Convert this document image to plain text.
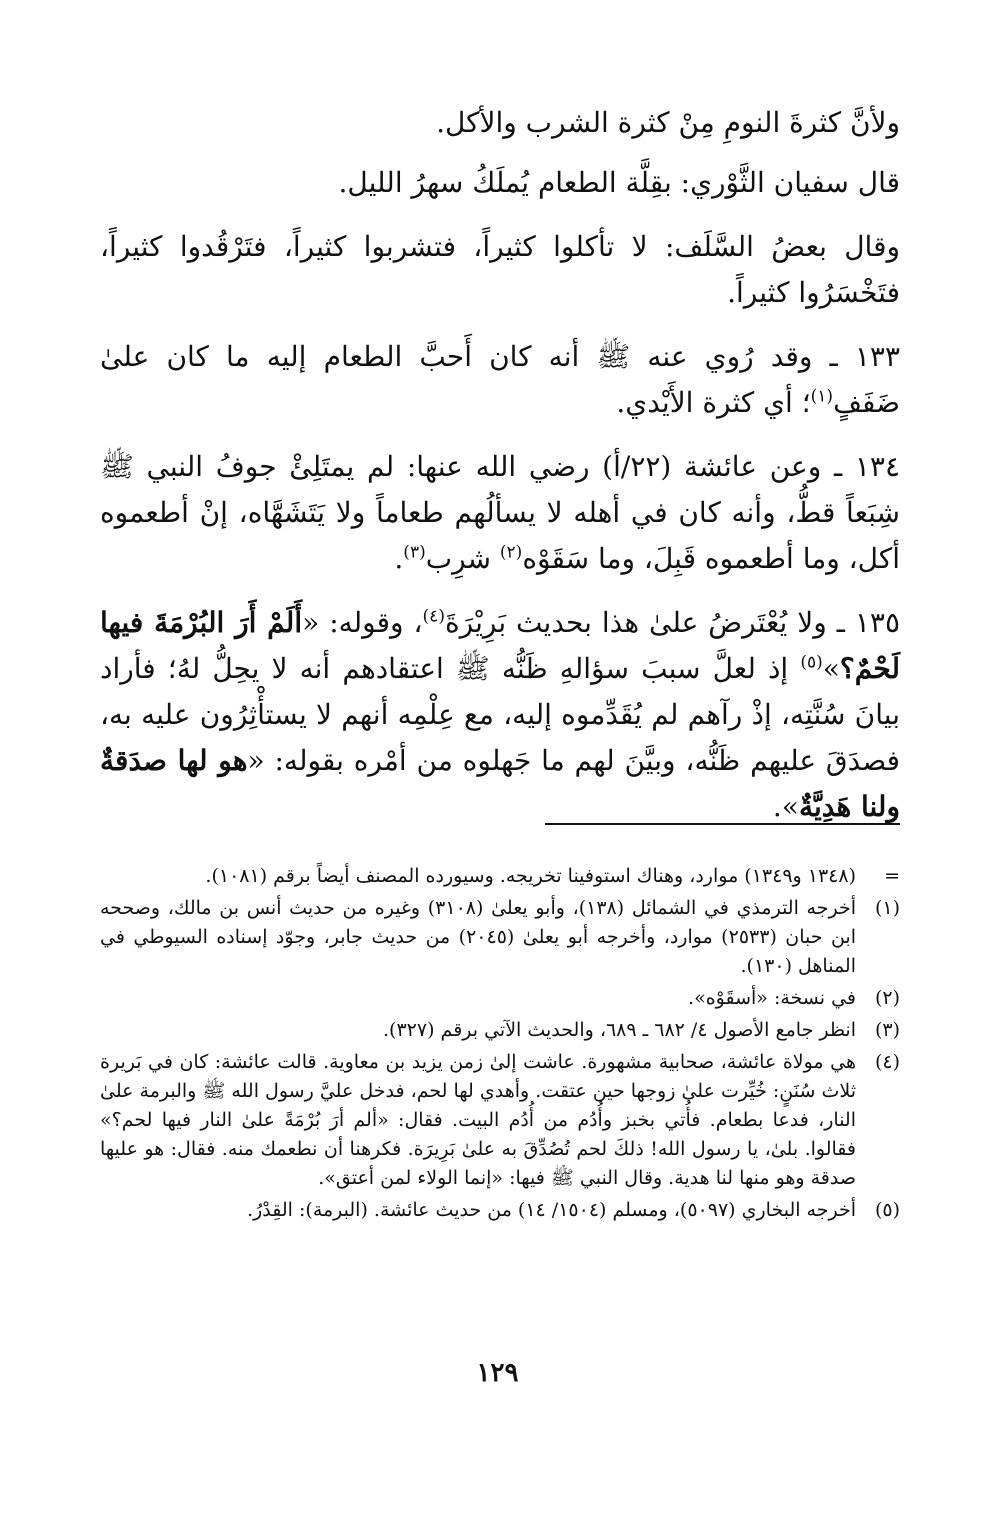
ولأنَّ كثرةَ النومِ مِنْ كثرة الشرب والأكل.

قال سفيان الثَّوْري: بقِلَّة الطعام يُملَكُ سهرُ الليل.

وقال بعضُ السَّلَف: لا تأكلوا كثيراً، فتشربوا كثيراً، فتَرْقُدوا كثيراً، فتَخْسَرُوا كثيراً.

١٣٣ ـ وقد رُوي عنه ﷺ أنه كان أَحبَّ الطعام إليه ما كان علىٰ ضَفَفٍ$^{(١)}$؛ أي كثرة الأَيْدي.

١٣٤ ـ وعن عائشة (٢٢/أ) رضي الله عنها: لم يمتَلِئْ جوفُ النبي ﷺ شِبَعاً قطُّ، وأنه كان في أهله لا يسألُهم طعاماً ولا يَتَشَهَّاه، إنْ أطعموه أكل، وما أطعموه قَبِلَ، وما سَقَوْه$^{(٢)}$ شرِب$^{(٣)}$.

١٣٥ ـ ولا يُعْتَرضُ علىٰ هذا بحديث بَرِيْرَةَ$^{(٤)}$، وقوله: «أَلَمْ أَرَ البُرْمَةَ فيها لَحْمٌ؟»$^{(٥)}$ إذ لعلَّ سببَ سؤالهِ ظَنُّه ﷺ اعتقادهم أنه لا يحِلُّ لهُ؛ فأراد بيانَ سُنَّتِه، إذْ رآهم لم يُقَدِّموه إليه، مع عِلْمِه أنهم لا يستأْثِرُون عليه به، فصدَقَ عليهم ظَنُّه، وبيَّنَ لهم ما جَهلوه من أمْره بقوله: «هو لها صدَقةٌ ولنا هَدِيَّةٌ».

=
(١٣٤٨ و١٣٤٩) موارد، وهناك استوفينا تخريجه. وسيورده المصنف أيضاً برقم (١٠٨١).
(١)
أخرجه الترمذي في الشمائل (١٣٨)، وأبو يعلىٰ (٣١٠٨) وغيره من حديث أنس بن مالك، وصححه ابن حبان (٢٥٣٣) موارد، وأخرجه أبو يعلىٰ (٢٠٤٥) من حديث جابر، وجوّد إسناده السيوطي في المناهل (١٣٠).
(٢)
في نسخة: «أسقَوْه».
(٣)
انظر جامع الأصول ٤/ ٦٨٢ ـ ٦٨٩، والحديث الآتي برقم (٣٢٧).
(٤)
هي مولاة عائشة، صحابية مشهورة. عاشت إلىٰ زمن يزيد بن معاوية. قالت عائشة: كان في بَريرة ثلاث سُنَنٍ: خُيِّرت علىٰ زوجها حين عتقت. وأهدي لها لحم، فدخل عليَّ رسول الله ﷺ والبرمة علىٰ النار، فدعا بطعام. فأُتي بخبز وأُدُم من أُدُم البيت. فقال: «ألم أرَ بُرْمَةً علىٰ النار فيها لحم؟» فقالوا. بلىٰ، يا رسول الله! ذلكَ لحم تُصُدِّقَ به علىٰ بَرِيرَة. فكرهنا أن نطعمك منه. فقال: هو عليها صدقة وهو منها لنا هدية. وقال النبي ﷺ فيها: «إنما الولاء لمن أعتق».
(٥)
أخرجه البخاري (٥٠٩٧)، ومسلم (١٥٠٤/ ١٤) من حديث عائشة. (البرمة): القِدْرُ.
١٢٩
